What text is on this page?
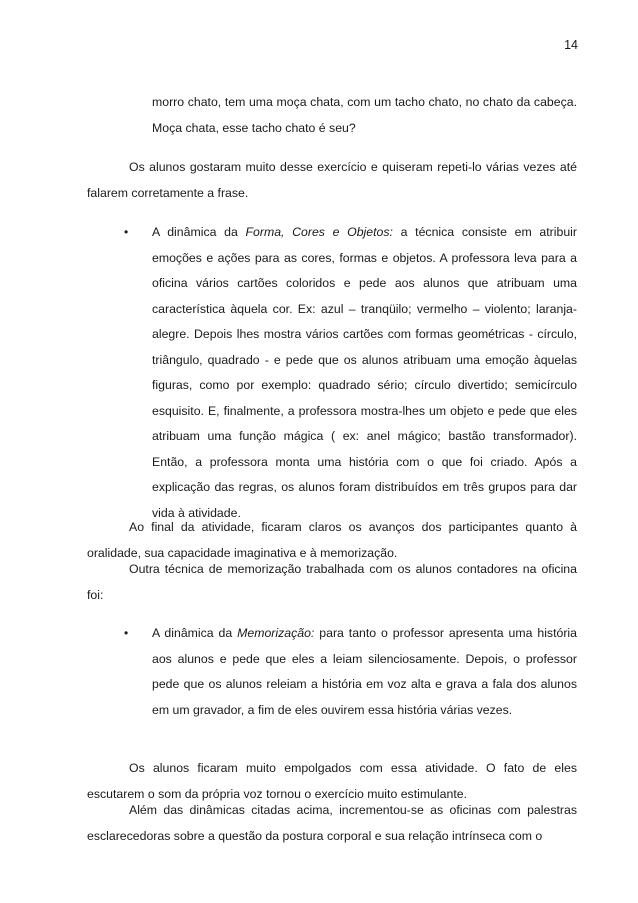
14

morro chato, tem uma moça chata, com um tacho chato, no chato da cabeça. Moça chata, esse tacho chato é seu?

Os alunos gostaram muito desse exercício e quiseram repeti-lo várias vezes até falarem corretamente a frase.

• A dinâmica da Forma, Cores e Objetos: a técnica consiste em atribuir emoções e ações para as cores, formas e objetos. A professora leva para a oficina vários cartões coloridos e pede aos alunos que atribuam uma característica àquela cor. Ex: azul – tranqüilo; vermelho – violento; laranja- alegre. Depois lhes mostra vários cartões com formas geométricas - círculo, triângulo, quadrado - e pede que os alunos atribuam uma emoção àquelas figuras, como por exemplo: quadrado sério; círculo divertido; semicírculo esquisito. E, finalmente, a professora mostra-lhes um objeto e pede que eles atribuam uma função mágica ( ex: anel mágico; bastão transformador). Então, a professora monta uma história com o que foi criado. Após a explicação das regras, os alunos foram distribuídos em três grupos para dar vida à atividade.

Ao final da atividade, ficaram claros os avanços dos participantes quanto à oralidade, sua capacidade imaginativa e à memorização.

Outra técnica de memorização trabalhada com os alunos contadores na oficina foi:

• A dinâmica da Memorização: para tanto o professor apresenta uma história aos alunos e pede que eles a leiam silenciosamente. Depois, o professor pede que os alunos releiam a história em voz alta e grava a fala dos alunos em um gravador, a fim de eles ouvirem essa história várias vezes.

Os alunos ficaram muito empolgados com essa atividade. O fato de eles escutarem o som da própria voz tornou o exercício muito estimulante.

Além das dinâmicas citadas acima, incrementou-se as oficinas com palestras esclarecedoras sobre a questão da postura corporal e sua relação intrínseca com o
